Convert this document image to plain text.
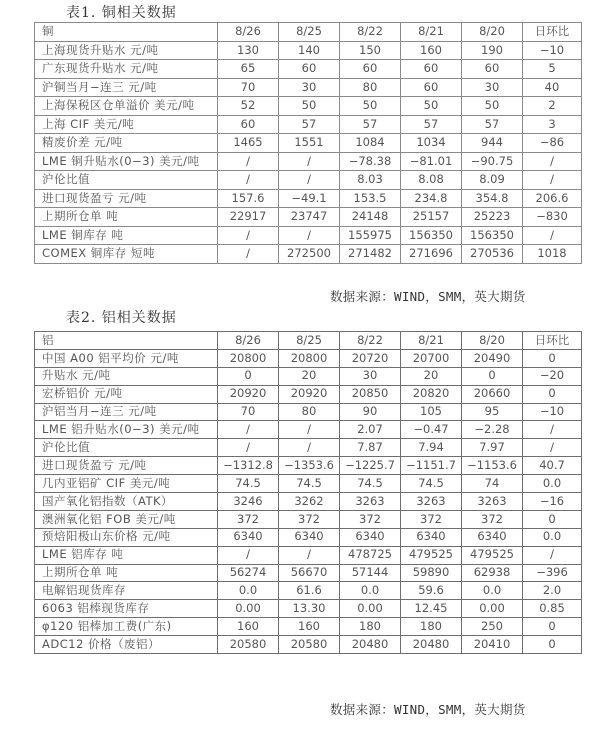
表1. 铜相关数据
铜	8/26	8/25	8/22	8/21	8/20	日环比
上海现货升贴水 元/吨	130	140	150	160	190	−10
广东现货升贴水 元/吨	65	60	60	60	60	5
沪铜当月−连三 元/吨	70	30	80	60	30	40
上海保税区仓单溢价 美元/吨	52	50	50	50	50	2
上海 CIF 美元/吨	60	57	57	57	57	3
精废价差 元/吨	1465	1551	1084	1034	944	−86
LME 铜升贴水(0−3) 美元/吨	/	/	−78.38	−81.01	−90.75	/
沪伦比值	/	/	8.03	8.08	8.09	/
进口现货盈亏 元/吨	157.6	−49.1	153.5	234.8	354.8	206.6
上期所仓单 吨	22917	23747	24148	25157	25223	−830
LME 铜库存 吨	/	/	155975	156350	156350	/
COMEX 铜库存 短吨	/	272500	271482	271696	270536	1018
数据来源：WIND，SMM，英大期货
表2. 铝相关数据
铝	8/26	8/25	8/22	8/21	8/20	日环比
中国 A00 铝平均价 元/吨	20800	20800	20720	20700	20490	0
升贴水 元/吨	0	20	30	20	0	−20
宏桥铝价 元/吨	20920	20920	20850	20820	20660	0
沪铝当月−连三 元/吨	70	80	90	105	95	−10
LME 铝升贴水(0−3) 美元/吨	/	/	2.07	−0.47	−2.28	/
沪伦比值	/	/	7.87	7.94	7.97	/
进口现货盈亏 元/吨	−1312.8	−1353.6	−1225.7	−1151.7	−1153.6	40.7
几内亚铝矿 CIF 美元/吨	74.5	74.5	74.5	74.5	74	0.0
国产氧化铝指数（ATK）	3246	3262	3263	3263	3263	−16
澳洲氧化铝 FOB 美元/吨	372	372	372	372	372	0
预焙阳极山东价格 元/吨	6340	6340	6340	6340	6340	0.0
LME 铝库存 吨	/	/	478725	479525	479525	/
上期所仓单 吨	56274	56670	57144	59890	62938	−396
电解铝现货库存	0.0	61.6	0.0	59.6	0.0	2.0
6063 铝棒现货库存	0.00	13.30	0.00	12.45	0.00	0.85
φ120 铝棒加工费(广东)	160	160	180	180	250	0
ADC12 价格（废铝）	20580	20580	20480	20480	20410	0
数据来源：WIND，SMM，英大期货
